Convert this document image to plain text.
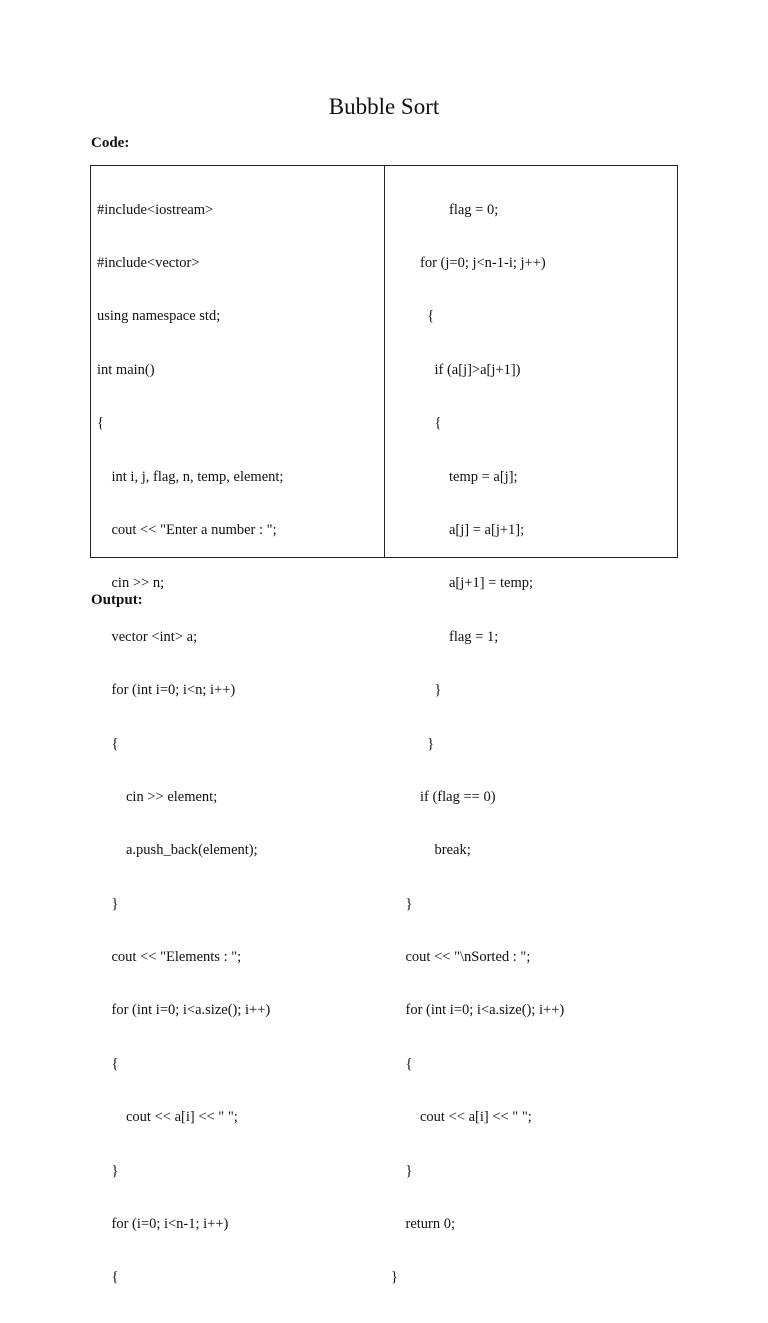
Bubble Sort
Code:

#include<iostream>

#include<vector>

using namespace std;

int main()

{

int i, j, flag, n, temp, element;

cout << "Enter a number : ";

cin >> n;

vector <int> a;

for (int i=0; i<n; i++)

{

cin >> element;

a.push_back(element);

}

cout << "Elements : ";

for (int i=0; i<a.size(); i++)

{

cout << a[i] << " ";

}

for (i=0; i<n-1; i++)

{

flag = 0;

for (j=0; j<n-1-i; j++)

{

if (a[j]>a[j+1])

{

temp = a[j];

a[j] = a[j+1];

a[j+1] = temp;

flag = 1;

}

}

if (flag == 0)

break;

}

cout << "\nSorted : ";

for (int i=0; i<a.size(); i++)

{

cout << a[i] << " ";

}

return 0;

}

Output:
